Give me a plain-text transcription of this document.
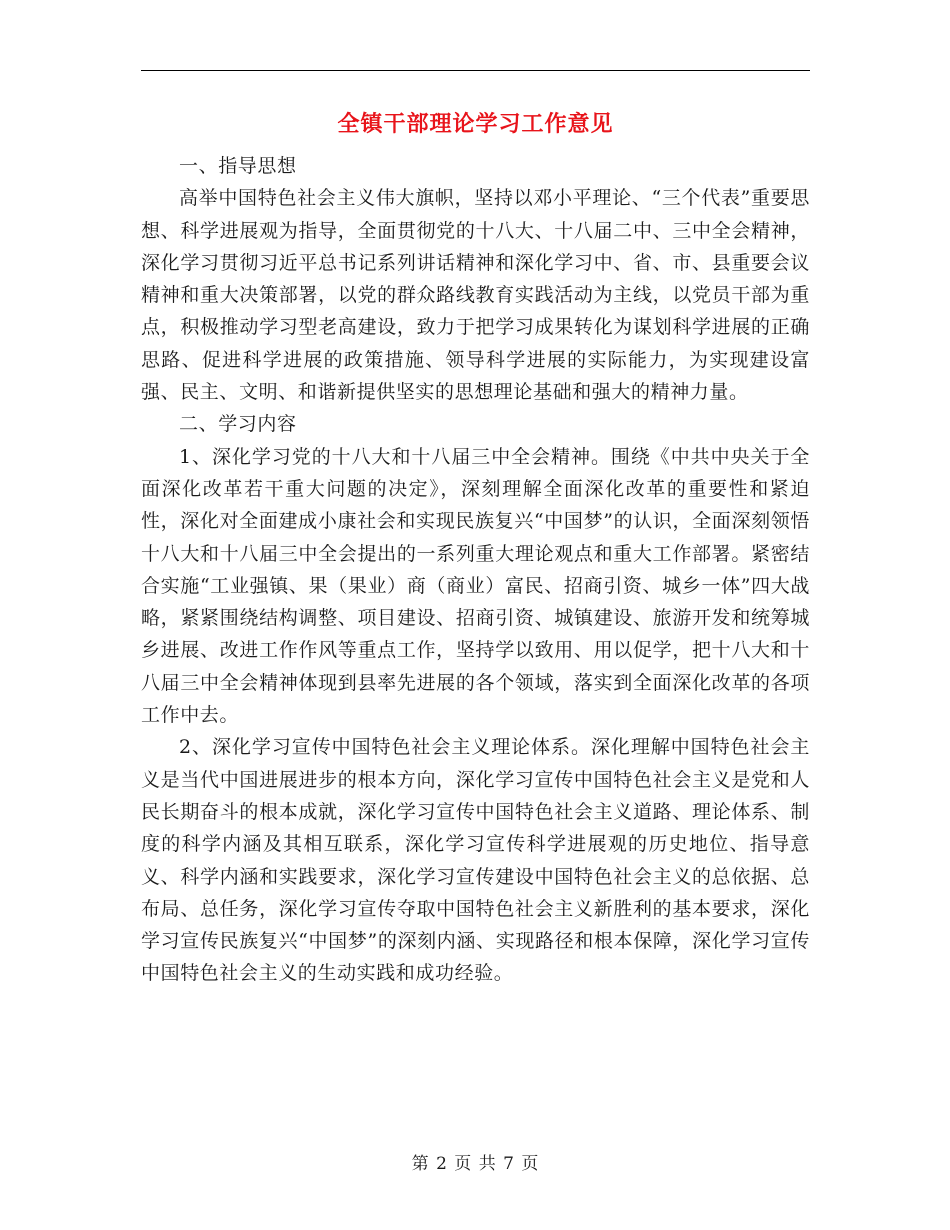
全镇干部理论学习工作意见

一、指导思想

高举中国特色社会主义伟大旗帜，坚持以邓小平理论、“三个代表”重要思想、科学进展观为指导，全面贯彻党的十八大、十八届二中、三中全会精神，深化学习贯彻习近平总书记系列讲话精神和深化学习中、省、市、县重要会议精神和重大决策部署，以党的群众路线教育实践活动为主线，以党员干部为重点，积极推动学习型老高建设，致力于把学习成果转化为谋划科学进展的正确思路、促进科学进展的政策措施、领导科学进展的实际能力，为实现建设富强、民主、文明、和谐新提供坚实的思想理论基础和强大的精神力量。

二、学习内容

1、深化学习党的十八大和十八届三中全会精神。围绕《中共中央关于全面深化改革若干重大问题的决定》，深刻理解全面深化改革的重要性和紧迫性，深化对全面建成小康社会和实现民族复兴“中国梦”的认识，全面深刻领悟十八大和十八届三中全会提出的一系列重大理论观点和重大工作部署。紧密结合实施“工业强镇、果（果业）商（商业）富民、招商引资、城乡一体”四大战略，紧紧围绕结构调整、项目建设、招商引资、城镇建设、旅游开发和统筹城乡进展、改进工作作风等重点工作，坚持学以致用、用以促学，把十八大和十八届三中全会精神体现到县率先进展的各个领域，落实到全面深化改革的各项工作中去。

2、深化学习宣传中国特色社会主义理论体系。深化理解中国特色社会主义是当代中国进展进步的根本方向，深化学习宣传中国特色社会主义是党和人民长期奋斗的根本成就，深化学习宣传中国特色社会主义道路、理论体系、制度的科学内涵及其相互联系，深化学习宣传科学进展观的历史地位、指导意义、科学内涵和实践要求，深化学习宣传建设中国特色社会主义的总依据、总布局、总任务，深化学习宣传夺取中国特色社会主义新胜利的基本要求，深化学习宣传民族复兴“中国梦”的深刻内涵、实现路径和根本保障，深化学习宣传中国特色社会主义的生动实践和成功经验。

第 2 页 共 7 页
